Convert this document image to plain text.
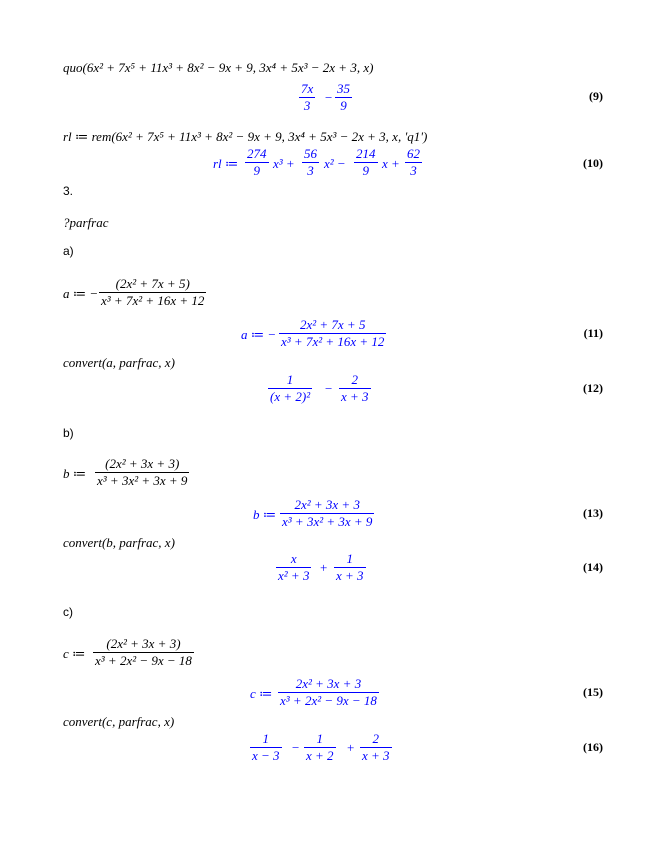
quo(6x² + 7x⁵ + 11x³ + 8x² − 9x + 9, 3x⁴ + 5x³ − 2x + 3, x)
$\frac{7x}{3} - \frac{35}{9}$	(9)
rl ≔ rem(6x² + 7x⁵ + 11x³ + 8x² − 9x + 9, 3x⁴ + 5x³ − 2x + 3, x, 'q1')
rl ≔ $\frac{274}{9} x^3 + \frac{56}{3} x^2 - \frac{214}{9}$ $x + \frac{62}{3}$	(10)
3.
?parfrac
a)
a ≔ − $\frac{\text{(2x² + 7x + 5)}}{\text{x³ + 7x² + 16x + 12}}$
a ≔ − $\frac{\text{2x² + 7x + 5}}{\text{x³ + 7x² + 16x + 12}}$	(11)
convert(a, parfrac, x)
$\frac{1}{\text{(x + 2)²}} - \frac{2}{x + 3}$	(12)
b)
b ≔ $\frac{\text{(2x² + 3x + 3)}}{\text{x³ + 3x² + 3x + 9}}$
b ≔ $\frac{\text{2x² + 3x + 3}}{\text{x³ + 3x² + 3x + 9}}$	(13)
convert(b, parfrac, x)
$\frac{x}{\text{x² + 3}} + \frac{1}{x + 3}$	(14)
c)
c ≔ $\frac{\text{(2x² + 3x + 3)}}{\text{x³ + 2x² − 9x − 18}}$
c ≔ $\frac{\text{2x² + 3x + 3}}{\text{x³ + 2x² − 9x − 18}}$	(15)
convert(c, parfrac, x)
$\frac{1}{x - 3} - \frac{1}{x + 2} + \frac{2}{x + 3}$	(16)
